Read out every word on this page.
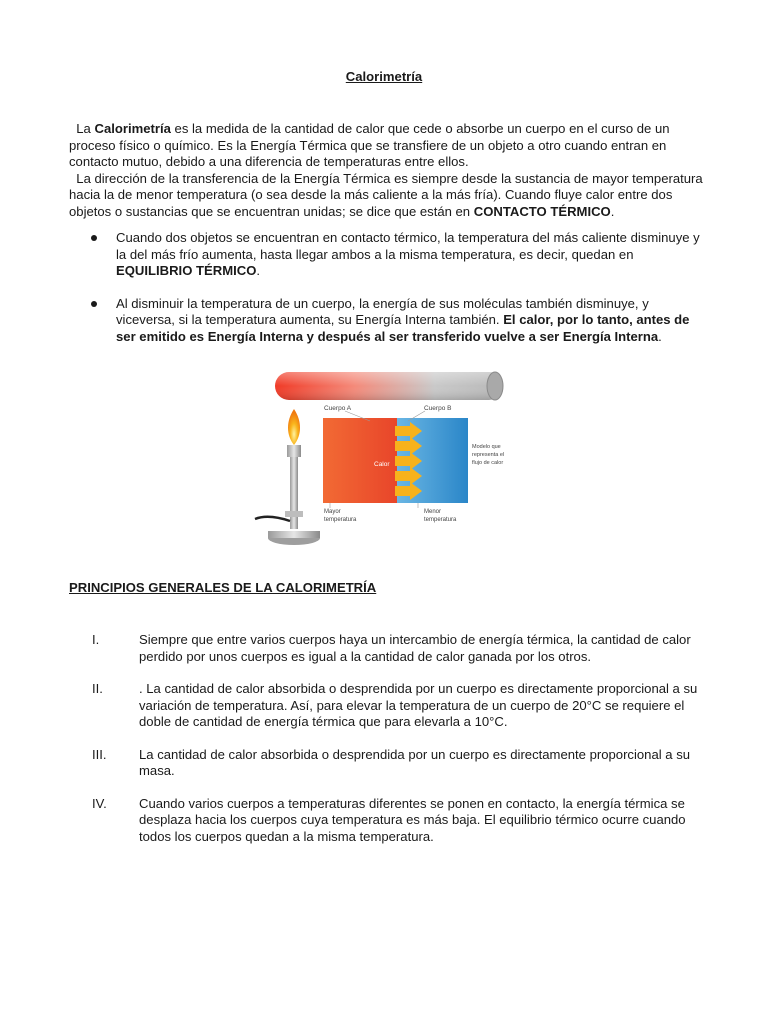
Calorimetría

La Calorimetría es la medida de la cantidad de calor que cede o absorbe un cuerpo en el curso de un proceso físico o químico. Es la Energía Térmica que se transfiere de un objeto a otro cuando entran en contacto mutuo, debido a una diferencia de temperaturas entre ellos.

La dirección de la transferencia de la Energía Térmica es siempre desde la sustancia de mayor temperatura hacia la de menor temperatura (o sea desde la más caliente a la más fría). Cuando fluye calor entre dos objetos o sustancias que se encuentran unidas; se dice que están en CONTACTO TÉRMICO.

Cuando dos objetos se encuentran en contacto térmico, la temperatura del más caliente disminuye y la del más frío aumenta, hasta llegar ambos a la misma temperatura, es decir, quedan en EQUILIBRIO TÉRMICO.
Al disminuir la temperatura de un cuerpo, la energía de sus moléculas también disminuye, y viceversa, si la temperatura aumenta, su Energía Interna también. El calor, por lo tanto, antes de ser emitido es Energía Interna y después al ser transferido vuelve a ser Energía Interna.
Cuerpo A	Cuerpo B
Calor
Modelo que
representa el
flujo de calor
Mayor
temperatura
Menor
temperatura
PRINCIPIOS GENERALES DE LA CALORIMETRÍA
I.	Siempre que entre varios cuerpos haya un intercambio de energía térmica, la cantidad de calor perdido por unos cuerpos es igual a la cantidad de calor ganada por los otros.
II.	. La cantidad de calor absorbida o desprendida por un cuerpo es directamente proporcional a su variación de temperatura. Así, para elevar la temperatura de un cuerpo de 20°C se requiere el doble de cantidad de energía térmica que para elevarla a 10°C.
III. La cantidad de calor absorbida o desprendida por un cuerpo es directamente proporcional a su masa.
IV. Cuando varios cuerpos a temperaturas diferentes se ponen en contacto, la energía térmica se desplaza hacia los cuerpos cuya temperatura es más baja. El equilibrio térmico ocurre cuando todos los cuerpos quedan a la misma temperatura.
